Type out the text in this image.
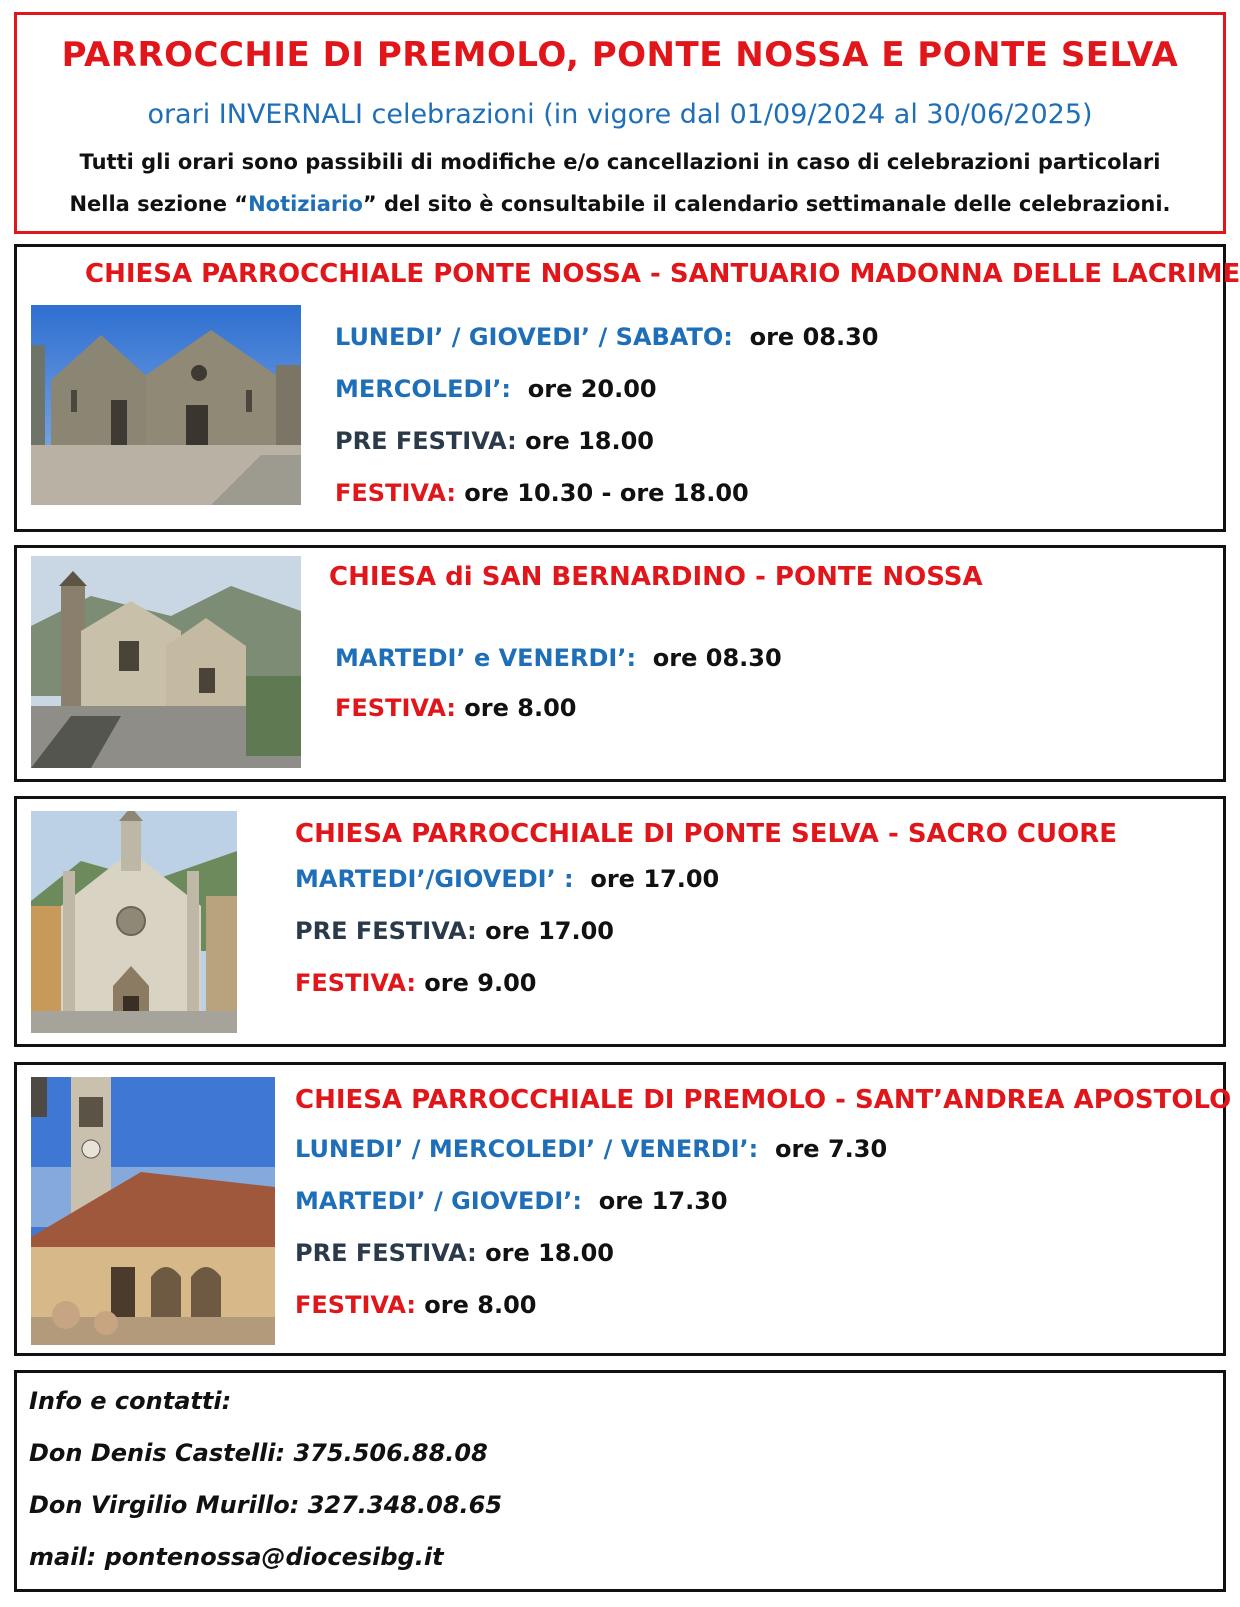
PARROCCHIE DI PREMOLO, PONTE NOSSA E PONTE SELVA
orari INVERNALI celebrazioni (in vigore dal 01/09/2024 al 30/06/2025)
Tutti gli orari sono passibili di modifiche e/o cancellazioni in caso di celebrazioni particolari
Nella sezione “Notiziario” del sito è consultabile il calendario settimanale delle celebrazioni.
CHIESA PARROCCHIALE PONTE NOSSA - SANTUARIO MADONNA DELLE LACRIME
LUNEDI’ / GIOVEDI’ / SABATO: ore 08.30
MERCOLEDI’: ore 20.00
PRE FESTIVA: ore 18.00
FESTIVA: ore 10.30 - ore 18.00
CHIESA di SAN BERNARDINO - PONTE NOSSA
MARTEDI’ e VENERDI’: ore 08.30
FESTIVA: ore 8.00
CHIESA PARROCCHIALE DI PONTE SELVA - SACRO CUORE
MARTEDI’/GIOVEDI’ : ore 17.00
PRE FESTIVA: ore 17.00
FESTIVA: ore 9.00
CHIESA PARROCCHIALE DI PREMOLO - SANT’ANDREA APOSTOLO
LUNEDI’ / MERCOLEDI’ / VENERDI’: ore 7.30
MARTEDI’ / GIOVEDI’: ore 17.30
PRE FESTIVA: ore 18.00
FESTIVA: ore 8.00
Info e contatti:
Don Denis Castelli: 375.506.88.08
Don Virgilio Murillo: 327.348.08.65
mail: pontenossa@diocesibg.it
